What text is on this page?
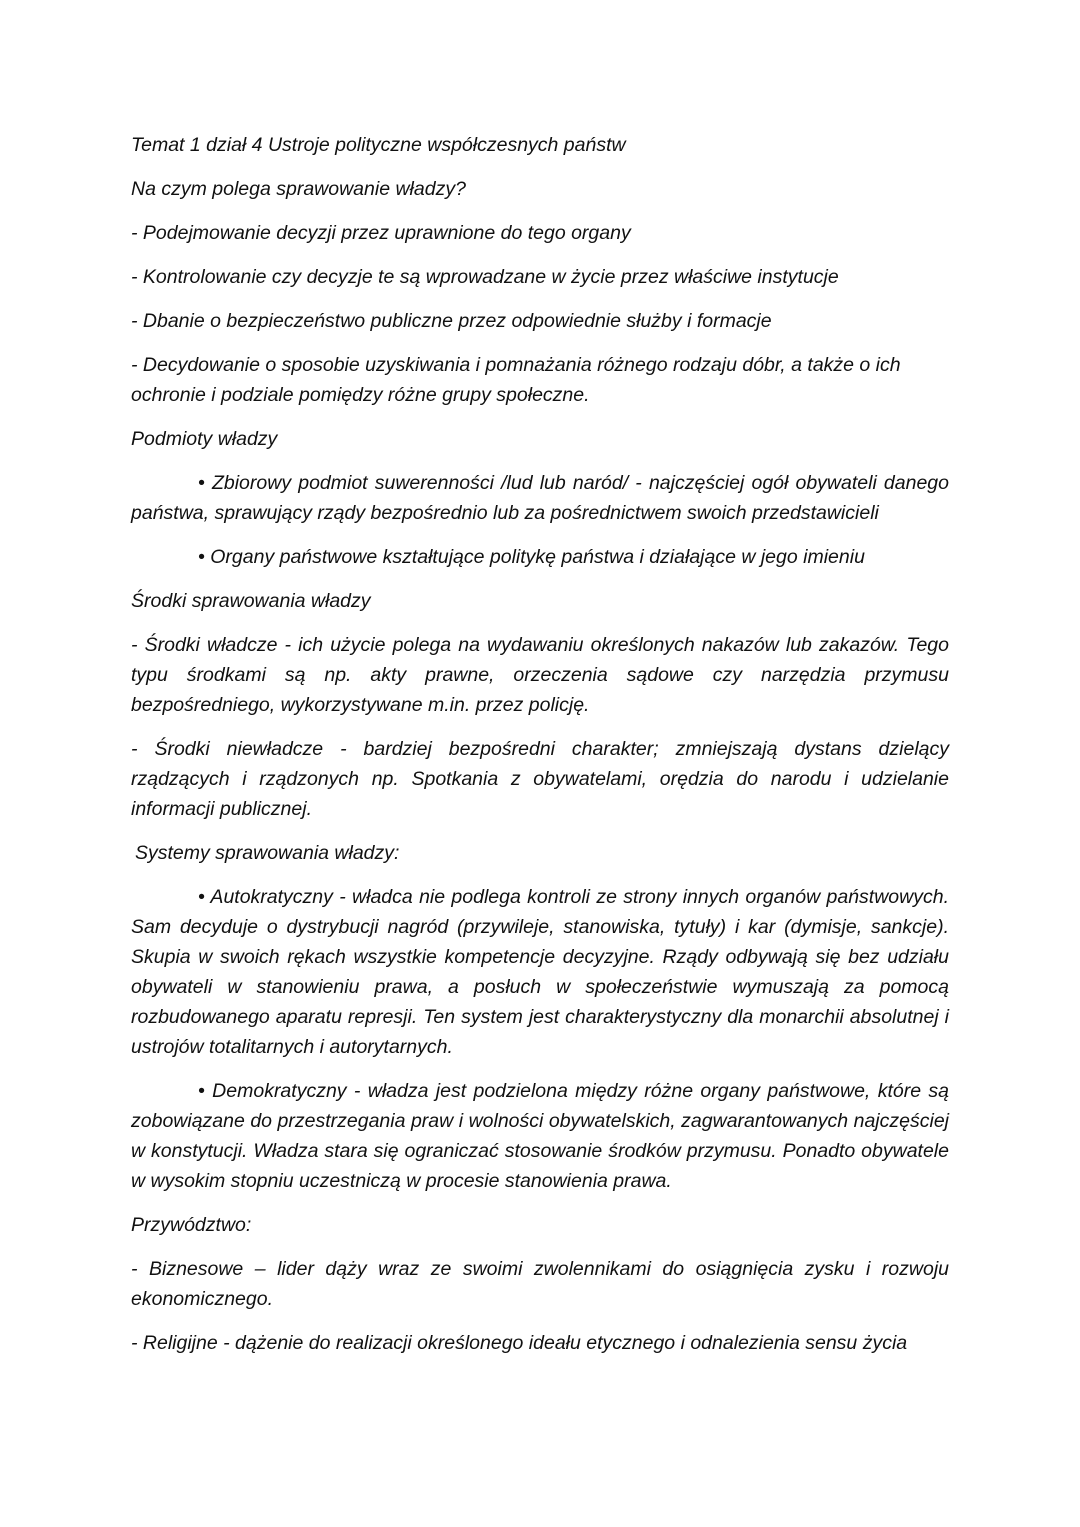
Temat 1 dział 4 Ustroje polityczne współczesnych państw

Na czym polega sprawowanie władzy?

- Podejmowanie decyzji przez uprawnione do tego organy

- Kontrolowanie czy decyzje te są wprowadzane w życie przez właściwe instytucje

- Dbanie o bezpieczeństwo publiczne przez odpowiednie służby i formacje

- Decydowanie o sposobie uzyskiwania i pomnażania różnego rodzaju dóbr, a także o ich ochronie i podziale pomiędzy różne grupy społeczne.

Podmioty władzy

• Zbiorowy podmiot suwerenności /lud lub naród/ - najczęściej ogół obywateli danego państwa, sprawujący rządy bezpośrednio lub za pośrednictwem swoich przedstawicieli

• Organy państwowe kształtujące politykę państwa i działające w jego imieniu

Środki sprawowania władzy

- Środki władcze - ich użycie polega na wydawaniu określonych nakazów lub zakazów. Tego typu środkami są np. akty prawne, orzeczenia sądowe czy narzędzia przymusu bezpośredniego, wykorzystywane m.in. przez policję.

- Środki niewładcze - bardziej bezpośredni charakter; zmniejszają dystans dzielący rządzących i rządzonych np. Spotkania z obywatelami, orędzia do narodu i udzielanie informacji publicznej.

Systemy sprawowania władzy:

• Autokratyczny - władca nie podlega kontroli ze strony innych organów państwowych. Sam decyduje o dystrybucji nagród (przywileje, stanowiska, tytuły) i kar (dymisje, sankcje). Skupia w swoich rękach wszystkie kompetencje decyzyjne. Rządy odbywają się bez udziału obywateli w stanowieniu prawa, a posłuch w społeczeństwie wymuszają za pomocą rozbudowanego aparatu represji. Ten system jest charakterystyczny dla monarchii absolutnej i ustrojów totalitarnych i autorytarnych.

• Demokratyczny - władza jest podzielona między różne organy państwowe, które są zobowiązane do przestrzegania praw i wolności obywatelskich, zagwarantowanych najczęściej w konstytucji. Władza stara się ograniczać stosowanie środków przymusu. Ponadto obywatele w wysokim stopniu uczestniczą w procesie stanowienia prawa.

Przywództwo:

- Biznesowe – lider dąży wraz ze swoimi zwolennikami do osiągnięcia zysku i rozwoju ekonomicznego.

- Religijne - dążenie do realizacji określonego ideału etycznego i odnalezienia sensu życia
